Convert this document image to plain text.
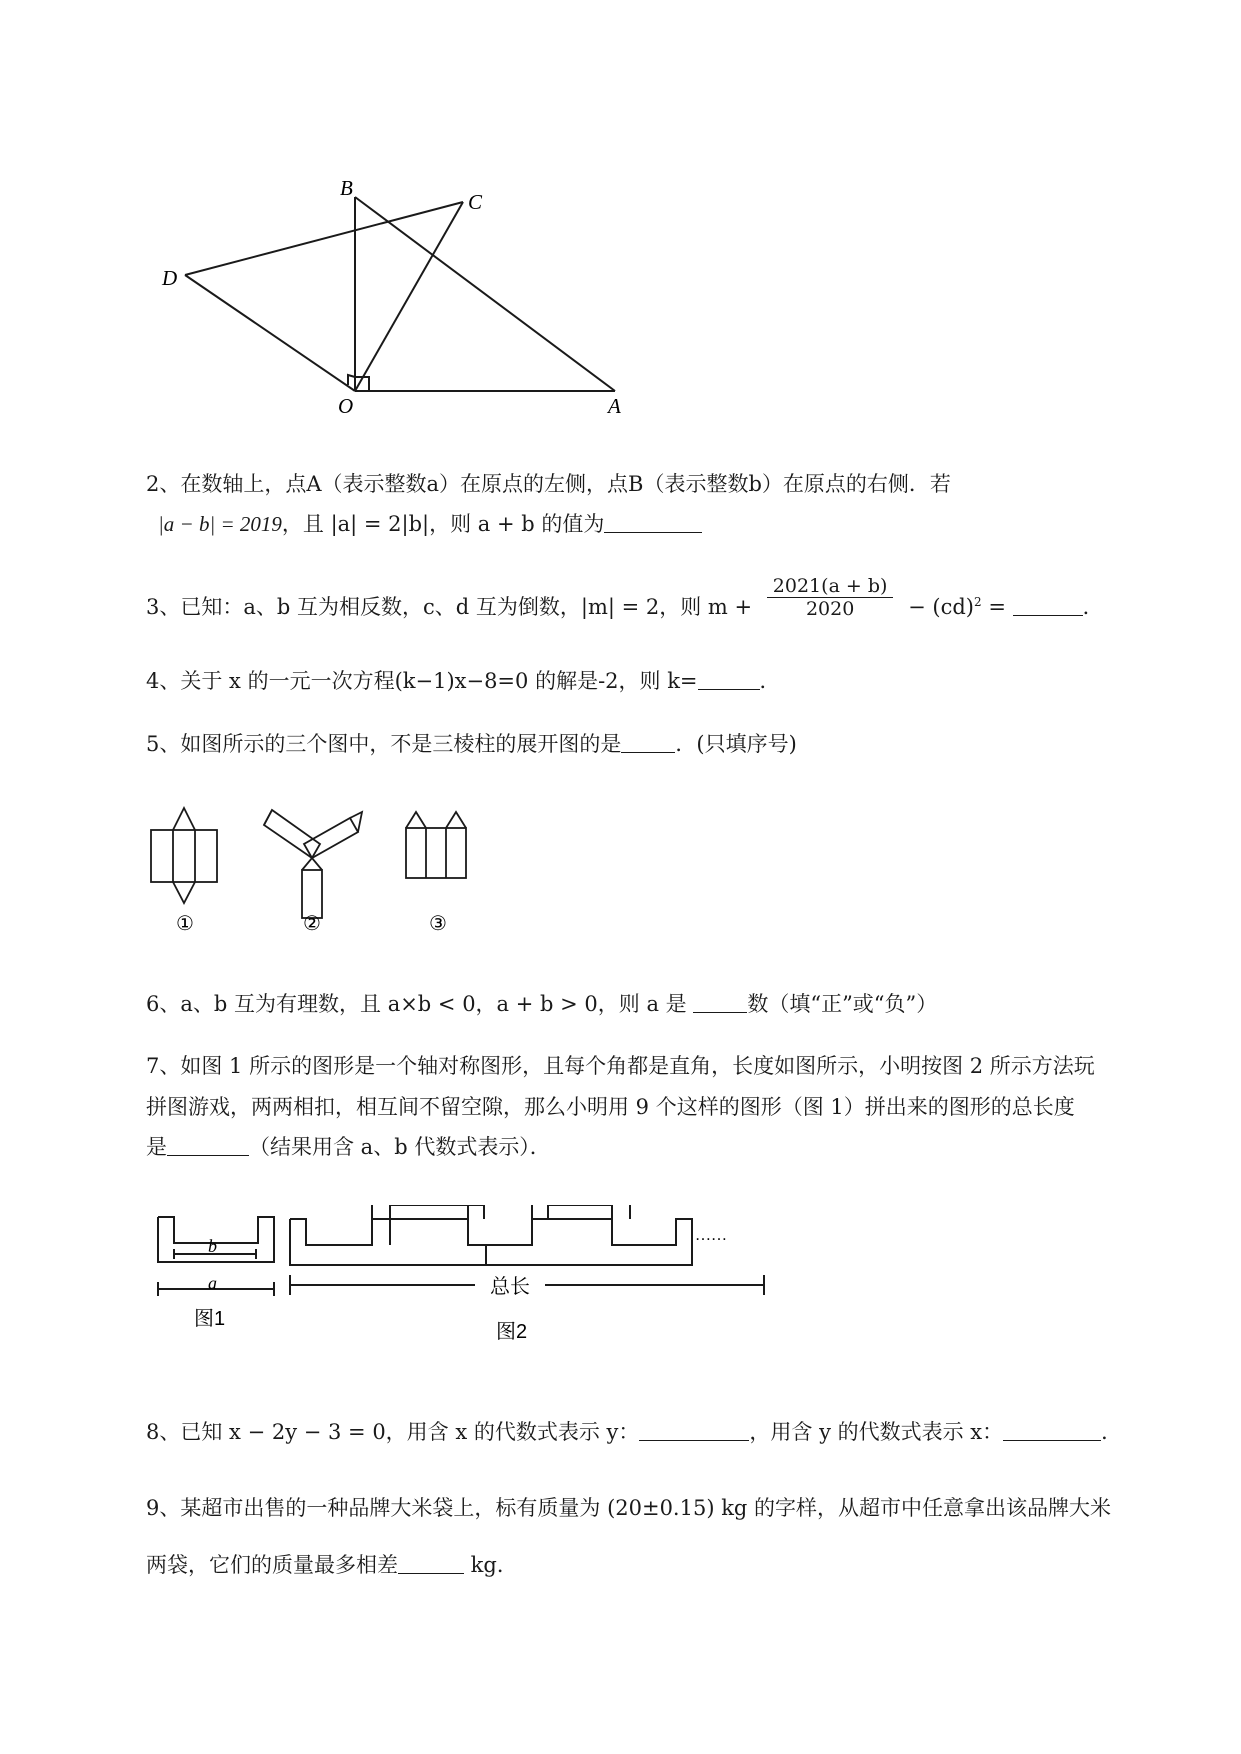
B
C
D
O	A
2、在数轴上，点A（表示整数a）在原点的左侧，点B（表示整数b）在原点的右侧．若
|a − b| = 2019，且 |a| = 2|b|，则 a + b 的值为
3、已知：a、b 互为相反数，c、d 互为倒数，|m| = 2，则 $m + \frac{2021(a + b)}{2020} - (cd)^2$ =	．
4、关于 x 的一元一次方程(k−1)x−8=0 的解是-2，则 k=	．
5、如图所示的三个图中，不是三棱柱的展开图的是	．(只填序号)
①	②	③
6、a、b 互为有理数，且 a×b < 0，a + b > 0，则 a 是	数（填“正”或“负”）
7、如图 1 所示的图形是一个轴对称图形，且每个角都是直角，长度如图所示，小明按图 2 所示方法玩
拼图游戏，两两相扣，相互间不留空隙，那么小明用 9 个这样的图形（图 1）拼出来的图形的总长度
是	（结果用含 a、b 代数式表示）．
b
a
图1
总长
图2
……
8、已知 x − 2y − 3 = 0，用含 x 的代数式表示 y：	，用含 y 的代数式表示 x：	．
9、某超市出售的一种品牌大米袋上，标有质量为 (20±0.15) kg 的字样，从超市中任意拿出该品牌大米
两袋，它们的质量最多相差	kg．
